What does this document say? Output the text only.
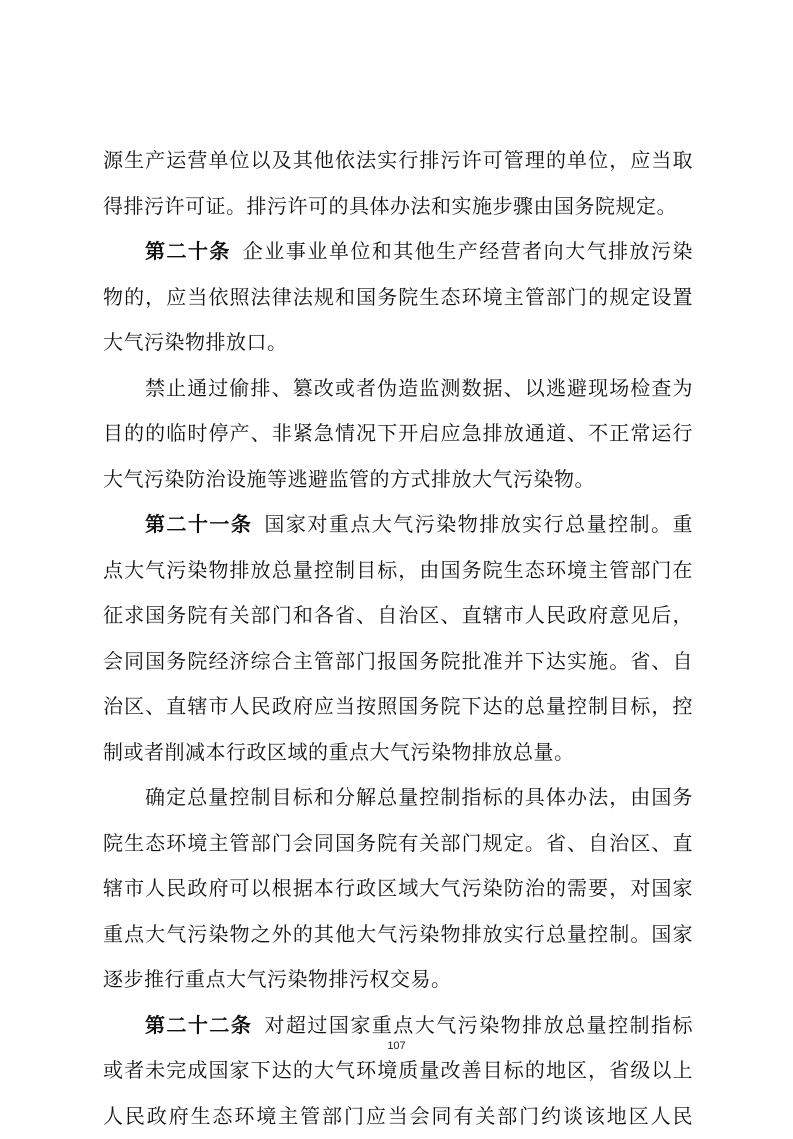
源生产运营单位以及其他依法实行排污许可管理的单位，应当取
得排污许可证。排污许可的具体办法和实施步骤由国务院规定。
第二十条 企业事业单位和其他生产经营者向大气排放污染
物的，应当依照法律法规和国务院生态环境主管部门的规定设置
大气污染物排放口。
禁止通过偷排、篡改或者伪造监测数据、以逃避现场检查为
目的的临时停产、非紧急情况下开启应急排放通道、不正常运行
大气污染防治设施等逃避监管的方式排放大气污染物。
第二十一条 国家对重点大气污染物排放实行总量控制。重
点大气污染物排放总量控制目标，由国务院生态环境主管部门在
征求国务院有关部门和各省、自治区、直辖市人民政府意见后，
会同国务院经济综合主管部门报国务院批准并下达实施。省、自
治区、直辖市人民政府应当按照国务院下达的总量控制目标，控
制或者削减本行政区域的重点大气污染物排放总量。
确定总量控制目标和分解总量控制指标的具体办法，由国务
院生态环境主管部门会同国务院有关部门规定。省、自治区、直
辖市人民政府可以根据本行政区域大气污染防治的需要，对国家
重点大气污染物之外的其他大气污染物排放实行总量控制。国家
逐步推行重点大气污染物排污权交易。
第二十二条 对超过国家重点大气污染物排放总量控制指标
或者未完成国家下达的大气环境质量改善目标的地区，省级以上
人民政府生态环境主管部门应当会同有关部门约谈该地区人民
107
